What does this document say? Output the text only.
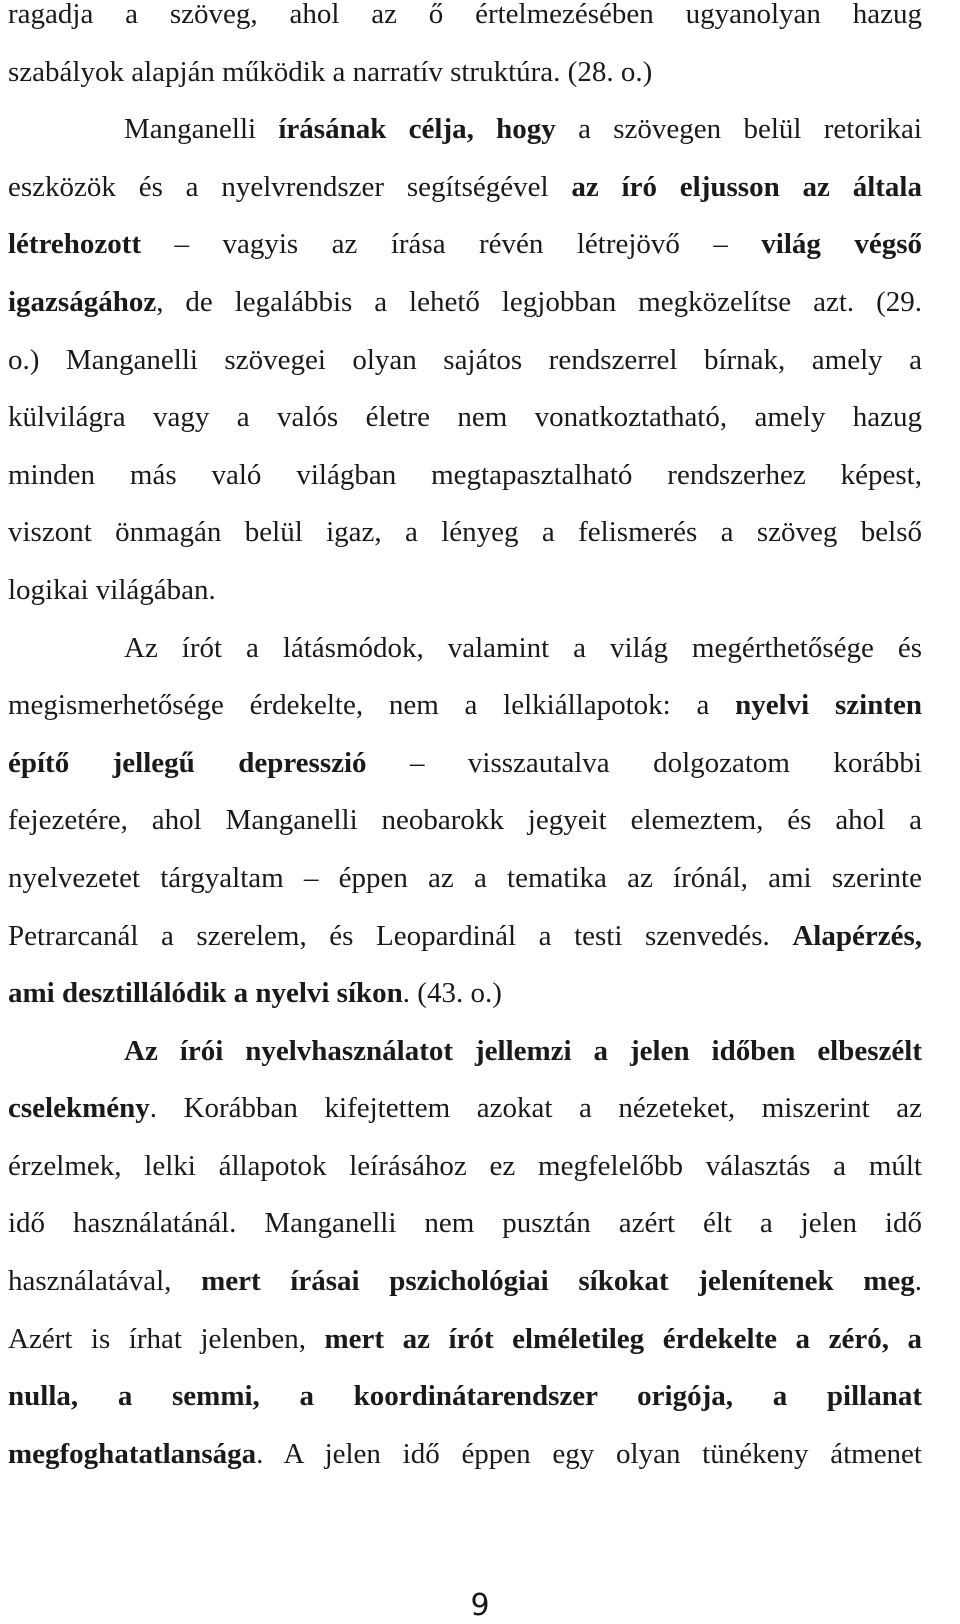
ragadja a szöveg, ahol az ő értelmezésében ugyanolyan hazug
szabályok alapján működik a narratív struktúra. (28. o.)
Manganelli írásának célja, hogy a szövegen belül retorikai
eszközök és a nyelvrendszer segítségével az író eljusson az általa
létrehozott – vagyis az írása révén létrejövő – világ végső
igazságához, de legalábbis a lehető legjobban megközelítse azt. (29.
o.) Manganelli szövegei olyan sajátos rendszerrel bírnak, amely a
külvilágra vagy a valós életre nem vonatkoztatható, amely hazug
minden más való világban megtapasztalható rendszerhez képest,
viszont önmagán belül igaz, a lényeg a felismerés a szöveg belső
logikai világában.
Az írót a látásmódok, valamint a világ megérthetősége és
megismerhetősége érdekelte, nem a lelkiállapotok: a nyelvi szinten
építő jellegű depresszió – visszautalva dolgozatom korábbi
fejezetére, ahol Manganelli neobarokk jegyeit elemeztem, és ahol a
nyelvezetet tárgyaltam – éppen az a tematika az írónál, ami szerinte
Petrarcanál a szerelem, és Leopardinál a testi szenvedés. Alapérzés,
ami desztillálódik a nyelvi síkon. (43. o.)
Az írói nyelvhasználatot jellemzi a jelen időben elbeszélt
cselekmény. Korábban kifejtettem azokat a nézeteket, miszerint az
érzelmek, lelki állapotok leírásához ez megfelelőbb választás a múlt
idő használatánál. Manganelli nem pusztán azért élt a jelen idő
használatával, mert írásai pszichológiai síkokat jelenítenek meg.
Azért is írhat jelenben, mert az írót elméletileg érdekelte a zéró, a
nulla, a semmi, a koordinátarendszer origója, a pillanat
megfoghatatlansága. A jelen idő éppen egy olyan tünékeny átmenet
9
